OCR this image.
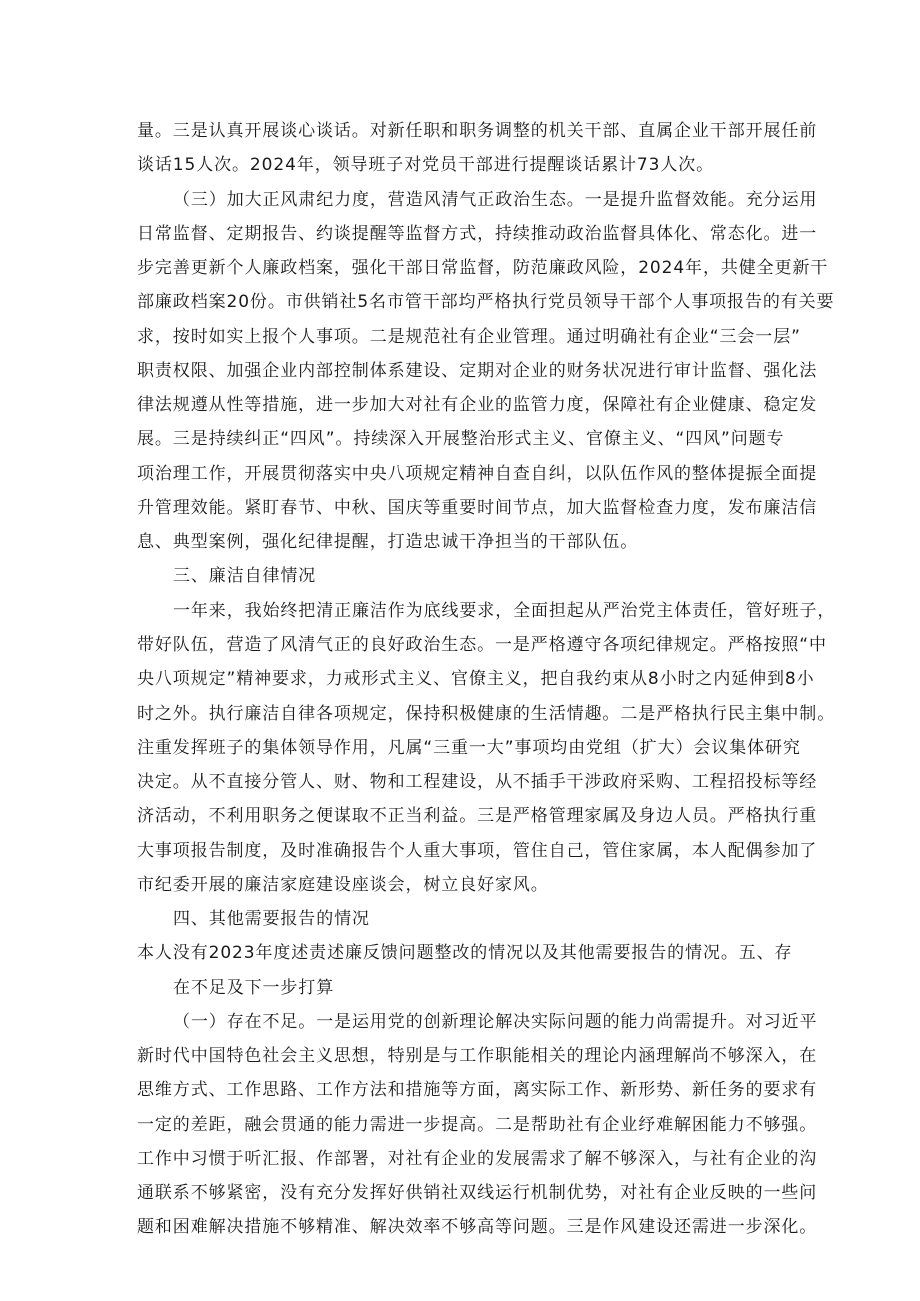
量。三是认真开展谈心谈话。对新任职和职务调整的机关干部、直属企业干部开展任前
谈话15人次。2024年，领导班子对党员干部进行提醒谈话累计73人次。
（三）加大正风肃纪力度，营造风清气正政治生态。一是提升监督效能。充分运用
日常监督、定期报告、约谈提醒等监督方式，持续推动政治监督具体化、常态化。进一
步完善更新个人廉政档案，强化干部日常监督，防范廉政风险，2024年，共健全更新干
部廉政档案20份。市供销社5名市管干部均严格执行党员领导干部个人事项报告的有关要
求，按时如实上报个人事项。二是规范社有企业管理。通过明确社有企业“三会一层”
职责权限、加强企业内部控制体系建设、定期对企业的财务状况进行审计监督、强化法
律法规遵从性等措施，进一步加大对社有企业的监管力度，保障社有企业健康、稳定发
展。三是持续纠正“四风”。持续深入开展整治形式主义、官僚主义、“四风”问题专
项治理工作，开展贯彻落实中央八项规定精神自查自纠，以队伍作风的整体提振全面提
升管理效能。紧盯春节、中秋、国庆等重要时间节点，加大监督检查力度，发布廉洁信
息、典型案例，强化纪律提醒，打造忠诚干净担当的干部队伍。
三、廉洁自律情况
一年来，我始终把清正廉洁作为底线要求，全面担起从严治党主体责任，管好班子，
带好队伍，营造了风清气正的良好政治生态。一是严格遵守各项纪律规定。严格按照“中
央八项规定”精神要求，力戒形式主义、官僚主义，把自我约束从8小时之内延伸到8小
时之外。执行廉洁自律各项规定，保持积极健康的生活情趣。二是严格执行民主集中制。
注重发挥班子的集体领导作用，凡属“三重一大”事项均由党组（扩大）会议集体研究
决定。从不直接分管人、财、物和工程建设，从不插手干涉政府采购、工程招投标等经
济活动，不利用职务之便谋取不正当利益。三是严格管理家属及身边人员。严格执行重
大事项报告制度，及时准确报告个人重大事项，管住自己，管住家属，本人配偶参加了
市纪委开展的廉洁家庭建设座谈会，树立良好家风。
四、其他需要报告的情况
本人没有2023年度述责述廉反馈问题整改的情况以及其他需要报告的情况。五、存
在不足及下一步打算
（一）存在不足。一是运用党的创新理论解决实际问题的能力尚需提升。对习近平
新时代中国特色社会主义思想，特别是与工作职能相关的理论内涵理解尚不够深入，在
思维方式、工作思路、工作方法和措施等方面，离实际工作、新形势、新任务的要求有
一定的差距，融会贯通的能力需进一步提高。二是帮助社有企业纾难解困能力不够强。
工作中习惯于听汇报、作部署，对社有企业的发展需求了解不够深入，与社有企业的沟
通联系不够紧密，没有充分发挥好供销社双线运行机制优势，对社有企业反映的一些问
题和困难解决措施不够精准、解决效率不够高等问题。三是作风建设还需进一步深化。
